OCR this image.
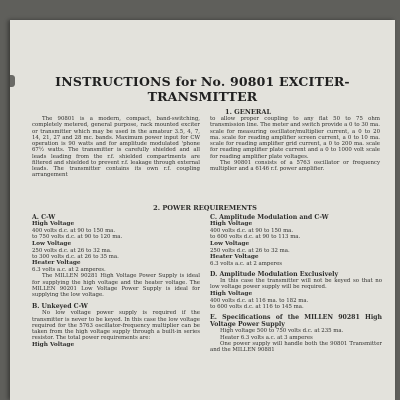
INSTRUCTIONS for No. 90801 EXCITER-TRANSMITTER
1. GENERAL

The 90801 is a modern, compact, band-switching, completely metered, general purpose, rack mounted exciter or transmitter which may be used in the amateur 3.5, 4, 7, 14, 21, 27 and 28 mc. bands. Maximum power input for CW operation is 90 watts and for amplitude modulated 'phone 67½ watts. The transmitter is carefully shielded and all leads leading from the r.f. shielded compartments are filtered and shielded to prevent r.f. leakage through external leads. The transmitter contains its own r.f. coupling arrangement

to allow proper coupling to any flat 50 to 75 ohm transmission line. The meter and switch provide a 0 to 30 ma. scale for measuring oscillator/multiplier current, a 0 to 20 ma. scale for reading amplifier screen current, a 0 to 10 ma. scale for reading amplifier grid current, a 0 to 200 ma. scale for reading amplifier plate current and a 0 to 1000 volt scale for reading amplifier plate voltages.

The 90801 consists of a 5763 oscillator or frequency multiplier and a 6146 r.f. power amplifier.

2. POWER REQUIREMENTS

A. C-W

High Voltage

400 volts d.c. at 90 to 150 ma.

to 750 volts d.c. at 90 to 120 ma.

Low Voltage

250 volts d.c. at 26 to 32 ma.

to 300 volts d.c. at 26 to 35 ma.

Heater Voltage

6.3 volts a.c. at 2 amperes.

The MILLEN 90281 High Voltage Power Supply is ideal for supplying the high voltage and the heater voltage. The MILLEN 90201 Low Voltage Power Supply is ideal for supplying the low voltage.

B. Unkeyed C-W

No low voltage power supply is required if the transmitter is never to be keyed. In this case the low voltage required for the 5763 oscillator-frequency multiplier can be taken from the high voltage supply through a built-in series resistor. The total power requirements are:

High Voltage

C. Amplitude Modulation and C-W

High Voltage

400 volts d.c. at 90 to 150 ma.

to 600 volts d.c. at 90 to 113 ma.

Low Voltage

250 volts d.c. at 26 to 32 ma.

Heater Voltage

6.3 volts a.c. at 2 amperes

D. Amplitude Modulation Exclusively

In this case the transmitter will not be keyed so that no low voltage power supply will be required.

High Voltage

400 volts d.c. at 116 ma. to 182 ma.

to 600 volts d.c. at 116 to 145 ma.

E. Specifications of the MILLEN 90281 High Voltage Power Supply

High voltage 500 to 750 volts d.c. at 235 ma.

Heater 6.3 volts a.c. at 3 amperes

One power supply will handle both the 90801 Transmitter and the MILLEN 90881
